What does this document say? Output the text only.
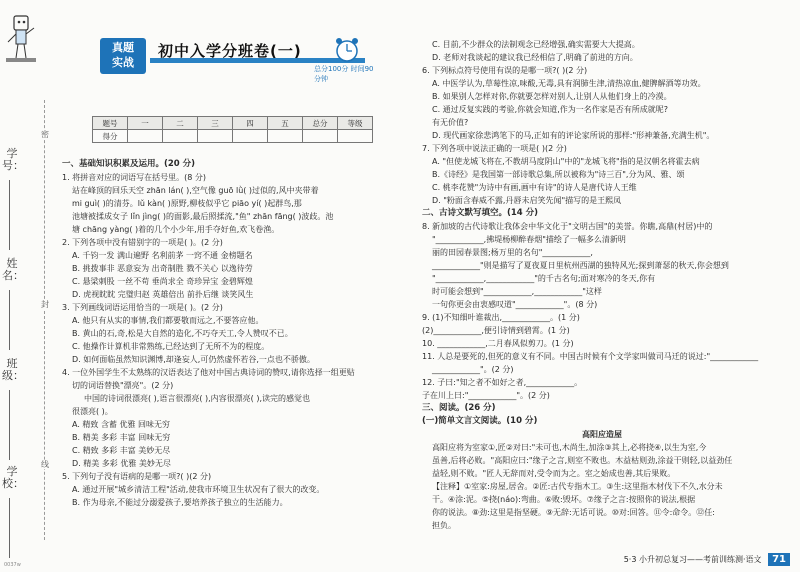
学号：
姓名：
班级：
学校：
密
封
线
真题
实战
初中入学分班卷(一)
总分100分 时间90分钟
题号	一	二	三	四	五	总分	等级
得分							
一、基础知识积累及运用。(20 分)
1. 将拼音对应的词语写在括号里。(8 分)
站在峰顶的回乐天空 zhān lán( ),空气像 guō lǜ( )过似的,风中夹带着
mi guì( )的清芬。lǔ kàn( )原野,柳枝似乎它 piāo yí( )起群鸟,那
池塘被揉成女子 lǐn jìng( )的面影,最后照揉流,"鱼" zhān fāng( )波歧。池
塘 chāng yàng( )着的几个小少年,用手夺好鱼,欢飞卷渔。
2. 下列各项中没有错别字的一项是( )。(2 分)
A. 千钧一发 满山遍野 名利前茅 一窍不通 金榜题名
B. 挑拨事非 恶意妄为 出奇制胜 戮不关心 以逸待劳
C. 悬梁刺股 一丝不苟 垂尚求全 奇珍异宝 金碧辉煌
D. 虎视眈眈 完璧归赵 英雄倍出 前扑后继 谈笑风生
3. 下列画线词语运用恰当的一项是( )。(2 分)
A. 他只有从实的事情,我们都要敬而远之,不要答应他。
B. 黄山的石,奇,松是大自然的造化,不巧夺天工,令人赞叹不已。
C. 他操作计算机非常熟练,已经达到了无所不为的程度。
D. 如何面临虽然知识渊博,却逢妄人,可仍然虚怀若谷,一点也不骄傲。
4. 一位外国学生不太熟练的汉语表达了他对中国古典诗词的赞叹,请你选择一组更贴
切的词语替换"漂亮"。(2 分)
中国的诗词很漂亮( ),语言很漂亮( ),内容很漂亮( ),读完的感觉也
很漂亮( )。
A. 精致 含蓄 优雅 回味无穷
B. 精美 多彩 丰富 回味无穷
C. 精致 多彩 丰富 美妙无尽
D. 精美 多彩 优雅 美妙无尽
5. 下列句子没有语病的是哪一项?( )(2 分)
A. 通过开展"城乡清洁工程"活动,使我市环境卫生状况有了很大的改变。
B. 作为母亲,不能过分溺爱孩子,要培养孩子独立的生活能力。
C. 目前,不少群众的法制观念已经增强,确实需要大大提高。
D. 老师对我谈起的建议我已经相信了,明确了前进的方向。
6. 下列标点符号使用有误的是哪一项?( )(2 分)
A. 中医学认为,草莓性凉,味酸,无毒,具有润肺生津,清热凉血,健脾解酒等功效。
B. 如果别人怎样对你,你就要怎样对别人,让别人从他们身上的冷漠。
C. 通过反复实践的考验,你就会知道,作为一名作家是否有所成就呢?
有无价值?
D. 现代画家徐悲鸿笔下的马,正如有的评论家所说的那样:"形神兼备,充满生机"。
7. 下列各项中说法正确的一项是( )(2 分)
A. "但使龙城飞将在,不教胡马度阴山"中的"龙城飞将"指的是汉朝名将霍去病
B.《诗经》是我国第一部诗歌总集,所以被称为"诗三百",分为风、雅、颂
C. 桃李花赞"为诗中有画,画中有诗"的诗人是唐代诗人王维
D. "粉面含春威不露,丹唇未启笑先闻"描写的是王熙凤
二、古诗文默写填空。(14 分)
8. 新加坡的古代诗歌让我体会中华文化于"文明古国"的美誉。你瞧,高鼎(村居)中的
"____________,拂堤杨柳醉春烟"描绘了一幅多么清新明
丽的田园春景图;杨万里的名句"____________,
____________"则是描写了夏夜夏日里杭州西湖的独特风光;探到萧瑟的秋天,你会想到
"____________,____________"的千古名句;面对寒冷的冬天,你有
时可能会想到"____________,____________"这样
一句你更会由衷感叹道"____________"。(8 分)
9. (1)不知细叶谁裁出,____________。(1 分)
(2)____________,便引诗情到碧霄。(1 分)
10. ____________,二月春风似剪刀。(1 分)
11. 人总是要死的,但死的意义有不同。中国古时候有个文学家叫做司马迁的说过:"____________
____________"。(2 分)
12. 子曰:"知之者不如好之者,____________。
子在川上曰:"____________"。(2 分)
三、阅读。(26 分)
(一)简单文言文阅读。(10 分)
高阳应造屋
高阳应将为室家①,匠②对曰:"未可也,木尚生,加涂③其上,必将挠④,以生为室,今
虽善,后将必败。"高阳应曰:"缘子之言,则室不败也。木益枯则劲,涂益干则轻,以益劲任
益轻,则不败。"匠人无辞而对,受令而为之。室之始成也善,其后果败。
【注释】①室家:房屋,居舍。②匠:古代专指木工。③生:这里指木材伐下不久,水分未
干。④涂:泥。⑤挠(náo):弯曲。⑥败:毁坏。⑦缘子之言:按照你的说法,根据
你的说法。⑧劲:这里是指坚硬。⑨无辞:无话可说。⑩对:回答。⑪令:命令。⑫任:
担负。
5·3 小升初总复习——考前训练测·语文 71
0037w
